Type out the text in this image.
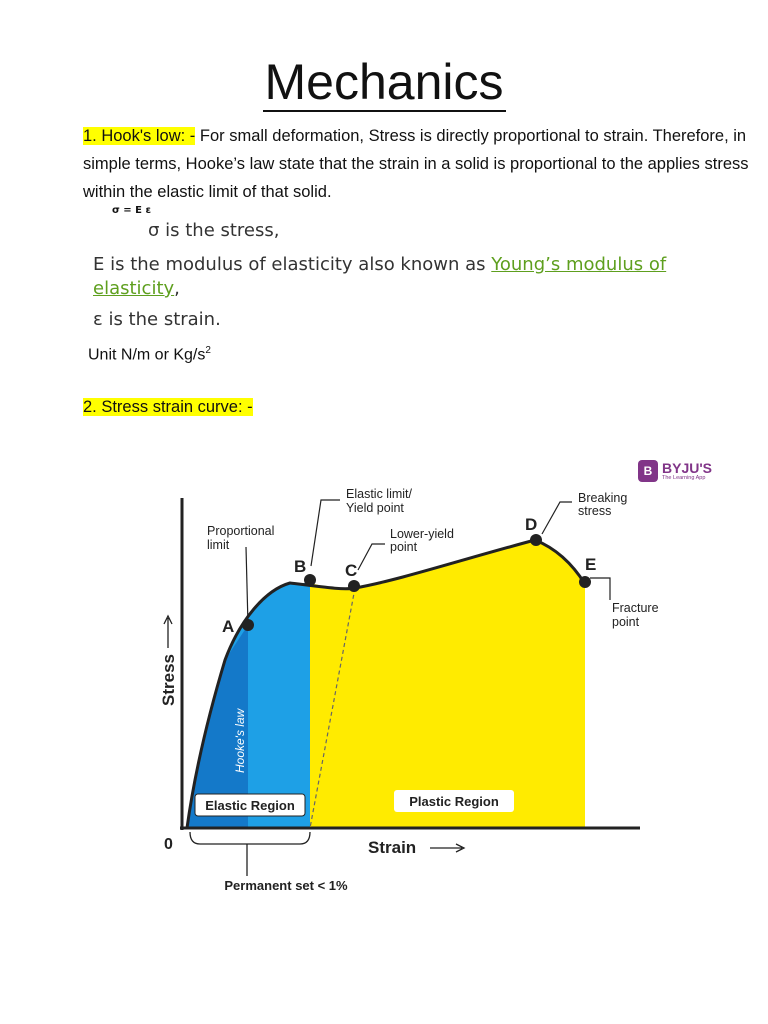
Mechanics
1. Hook's low: - For small deformation, Stress is directly proportional to strain. Therefore, in simple terms, Hooke’s law state that the strain in a solid is proportional to the applies stress within the elastic limit of that solid.
σ = E ε
σ is the stress,
E is the modulus of elasticity also known as Young’s modulus of elasticity,
ε is the strain.
Unit N/m or $Kg/s^2$
2. Stress strain curve: -
B BYJU'S
The Learning App
A
B C
D
E
Proportional limit
Elastic limit/ Yield point
Lower-yield point
Breaking stress
Fracture point
Stress
Strain
0
Hooke's law
Elastic Region	Plastic Region
Permanent set < 1%
